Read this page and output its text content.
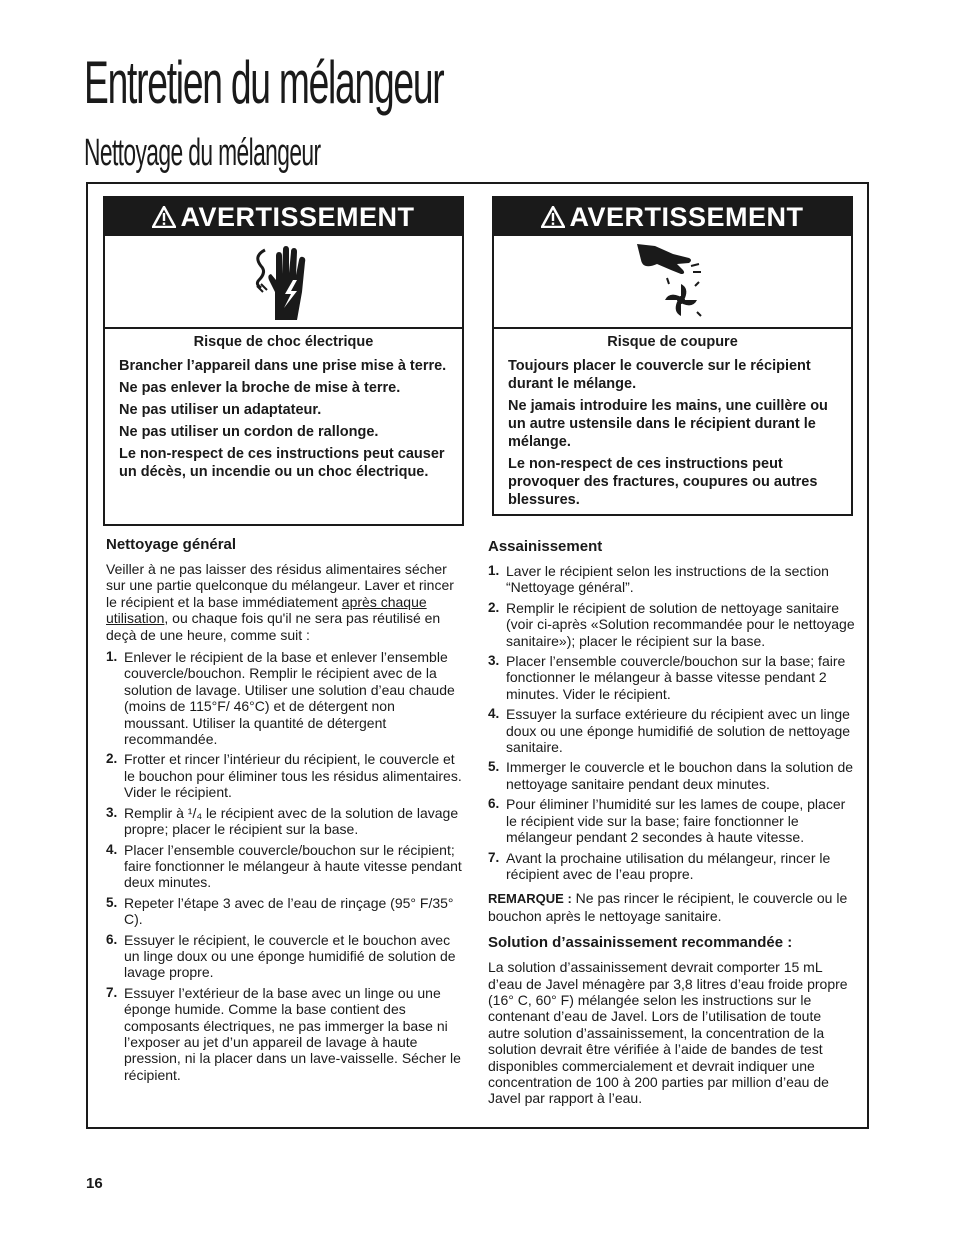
Entretien du mélangeur
Nettoyage du mélangeur
AVERTISSEMENT
Risque de choc électrique

Brancher l’appareil dans une prise mise à terre.

Ne pas enlever la broche de mise à terre.

Ne pas utiliser un adaptateur.

Ne pas utiliser un cordon de rallonge.

Le non-respect de ces instructions peut causer un décès, un incendie ou un choc électrique.

AVERTISSEMENT
Risque de coupure

Toujours placer le couvercle sur le récipient durant le mélange.

Ne jamais introduire les mains, une cuillère ou un autre ustensile dans le récipient durant le mélange.

Le non-respect de ces instructions peut provoquer des fractures, coupures ou autres blessures.

Nettoyage général

Veiller à ne pas laisser des résidus alimentaires sécher sur une partie quelconque du mélangeur. Laver et rincer le récipient et la base immédiatement après chaque utilisation, ou chaque fois qu'il ne sera pas réutilisé en deçà de une heure, comme suit :

1. Enlever le récipient de la base et enlever l’ensemble couvercle/bouchon. Remplir le récipient avec de la solution de lavage. Utiliser une solution d’eau chaude (moins de 115°F/ 46°C) et de détergent non moussant. Utiliser la quantité de détergent recommandée.
2. Frotter et rincer l’intérieur du récipient, le couvercle et le bouchon pour éliminer tous les résidus alimentaires. Vider le récipient.
3. Remplir à ¹/₄ le récipient avec de la solution de lavage propre; placer le récipient sur la base.
4. Placer l’ensemble couvercle/bouchon sur le récipient; faire fonctionner le mélangeur à haute vitesse pendant deux minutes.
5. Repeter l’étape 3 avec de l’eau de rinçage (95° F/35° C).
6. Essuyer le récipient, le couvercle et le bouchon avec un linge doux ou une éponge humidifié de solution de lavage propre.
7. Essuyer l’extérieur de la base avec un linge ou une éponge humide. Comme la base contient des composants électriques, ne pas immerger la base ni l’exposer au jet d’un appareil de lavage à haute pression, ni la placer dans un lave-vaisselle. Sécher le récipient.
Assainissement
1. Laver le récipient selon les instructions de la section “Nettoyage général”.
2. Remplir le récipient de solution de nettoyage sanitaire (voir ci-après «Solution recommandée pour le nettoyage sanitaire»); placer le récipient sur la base.
3. Placer l’ensemble couvercle/bouchon sur la base; faire fonctionner le mélangeur à basse vitesse pendant 2 minutes. Vider le récipient.
4. Essuyer la surface extérieure du récipient avec un linge doux ou une éponge humidifié de solution de nettoyage sanitaire.
5. Immerger le couvercle et le bouchon dans la solution de nettoyage sanitaire pendant deux minutes.
6. Pour éliminer l’humidité sur les lames de coupe, placer le récipient vide sur la base; faire fonctionner le mélangeur pendant 2 secondes à haute vitesse.
7. Avant la prochaine utilisation du mélangeur, rincer le récipient avec de l’eau propre.

REMARQUE : Ne pas rincer le récipient, le couvercle ou le bouchon après le nettoyage sanitaire.

Solution d’assainissement recommandée :

La solution d’assainissement devrait comporter 15 mL d’eau de Javel ménagère par 3,8 litres d’eau froide propre (16° C, 60° F) mélangée selon les instructions sur le contenant d’eau de Javel. Lors de l’utilisation de toute autre solution d’assainissement, la concentration de la solution devrait être vérifiée à l’aide de bandes de test disponibles commercialement et devrait indiquer une concentration de 100 à 200 parties par million d’eau de Javel par rapport à l’eau.

16
